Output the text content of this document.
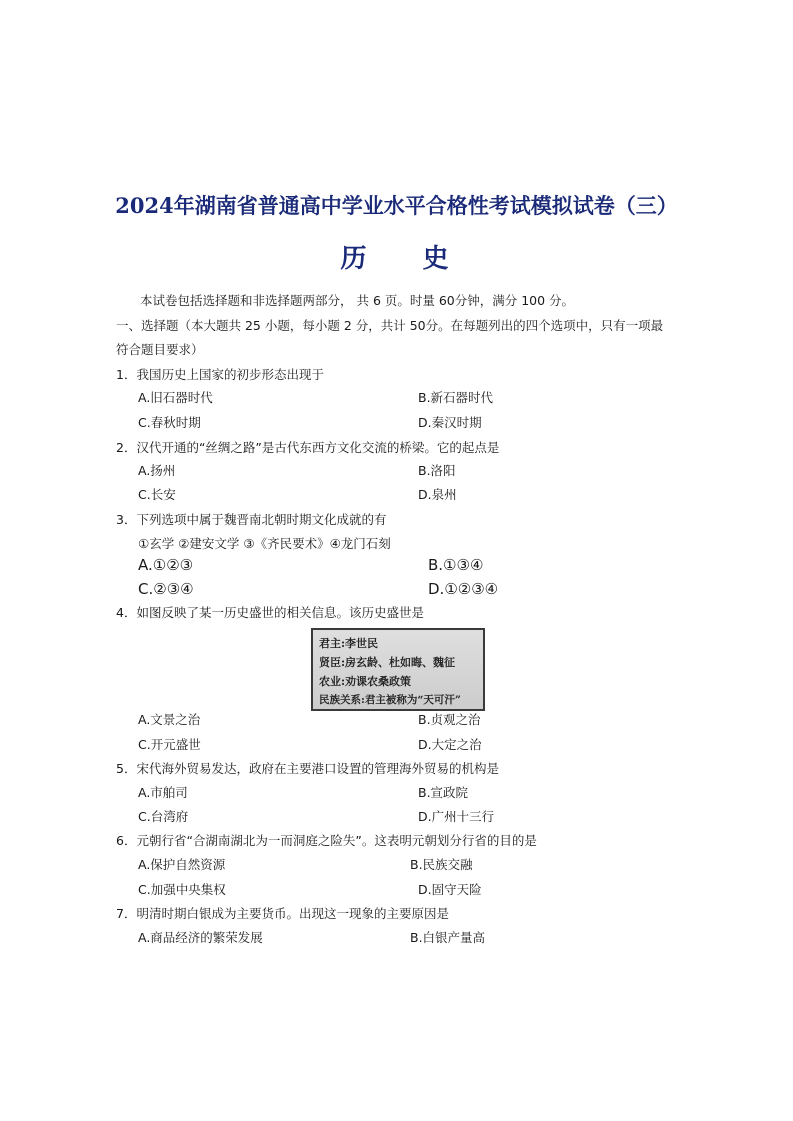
2024年湖南省普通高中学业水平合格性考试模拟试卷（三）
历 史
本试卷包括选择题和非选择题两部分， 共 6 页。时量 60分钟，满分 100 分。
一、选择题（本大题共 25 小题，每小题 2 分，共计 50分。在每题列出的四个选项中，只有一项最
符合题目要求）
1．我国历史上国家的初步形态出现于
A.旧石器时代	B.新石器时代
C.春秋时期	D.秦汉时期
2．汉代开通的“丝绸之路”是古代东西方文化交流的桥梁。它的起点是
A.扬州	B.洛阳
C.长安	D.泉州
3．下列选项中属于魏晋南北朝时期文化成就的有
①玄学 ②建安文学 ③《齐民要术》④龙门石刻
A.①②③	B.①③④
C.②③④	D.①②③④
4．如图反映了某一历史盛世的相关信息。该历史盛世是
君主:李世民
贤臣:房玄龄、杜如晦、魏征
农业:劝课农桑政策
民族关系:君主被称为“天可汗”
A.文景之治	B.贞观之治
C.开元盛世	D.大定之治
5．宋代海外贸易发达，政府在主要港口设置的管理海外贸易的机构是
A.市舶司	B.宣政院
C.台湾府	D.广州十三行
6．元朝行省“合湖南湖北为一而洞庭之险失”。这表明元朝划分行省的目的是
A.保护自然资源	B.民族交融
C.加强中央集权	D.固守天险
7．明清时期白银成为主要货币。出现这一现象的主要原因是
A.商品经济的繁荣发展	B.白银产量高
